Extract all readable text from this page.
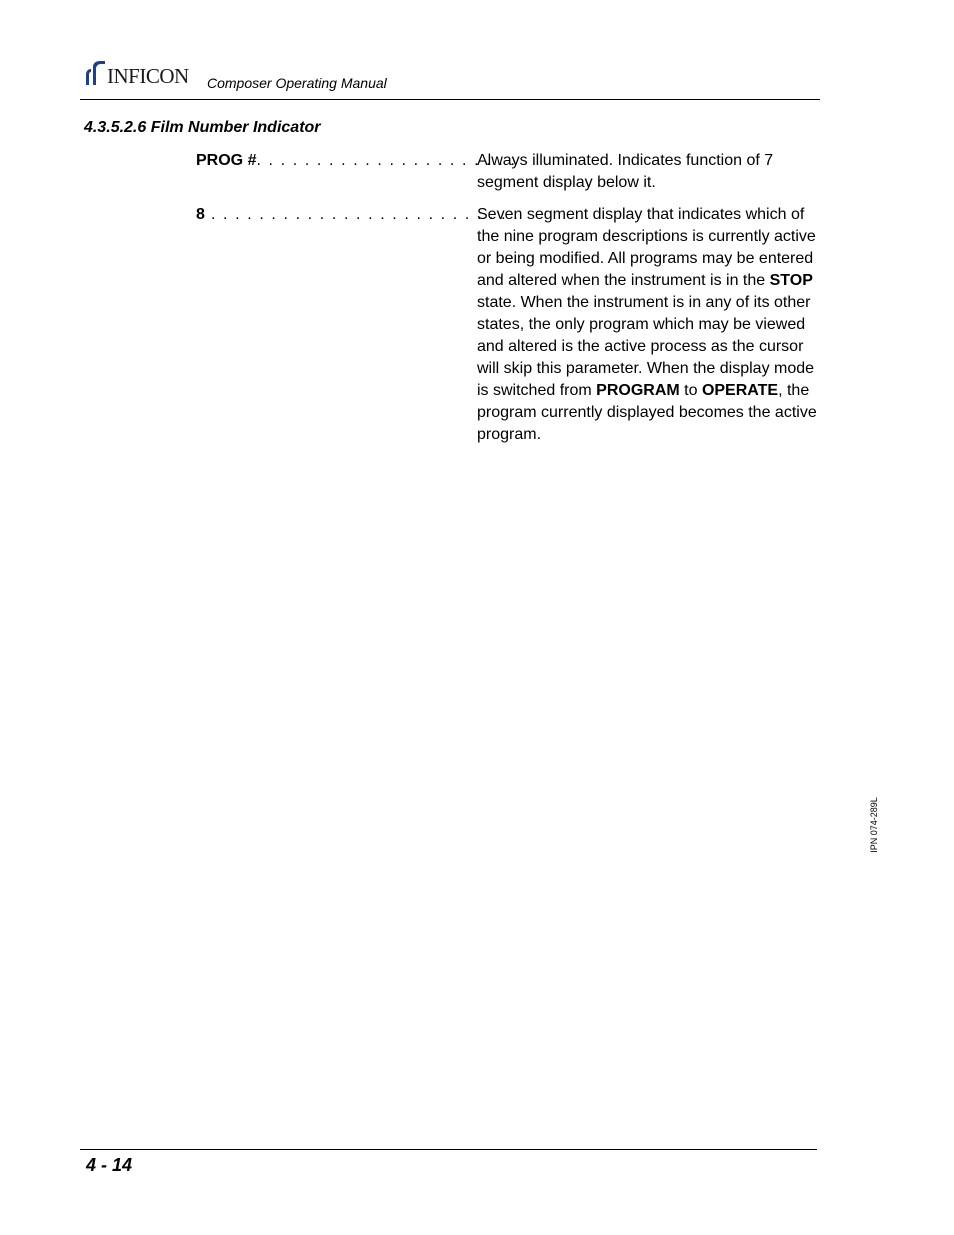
INFICON Composer Operating Manual
4.3.5.2.6 Film Number Indicator
PROG #. . . . . . . . . . . . . . . . . . . . . .
Always illuminated. Indicates function of 7 segment display below it.
8 . . . . . . . . . . . . . . . . . . . . . . . . . .
Seven segment display that indicates which of the nine program descriptions is currently active or being modified. All programs may be entered and altered when the instrument is in the STOP state. When the instrument is in any of its other states, the only program which may be viewed and altered is the active process as the cursor will skip this parameter. When the display mode is switched from PROGRAM to OPERATE, the program currently displayed becomes the active program.
IPN 074-289L
4 - 14
